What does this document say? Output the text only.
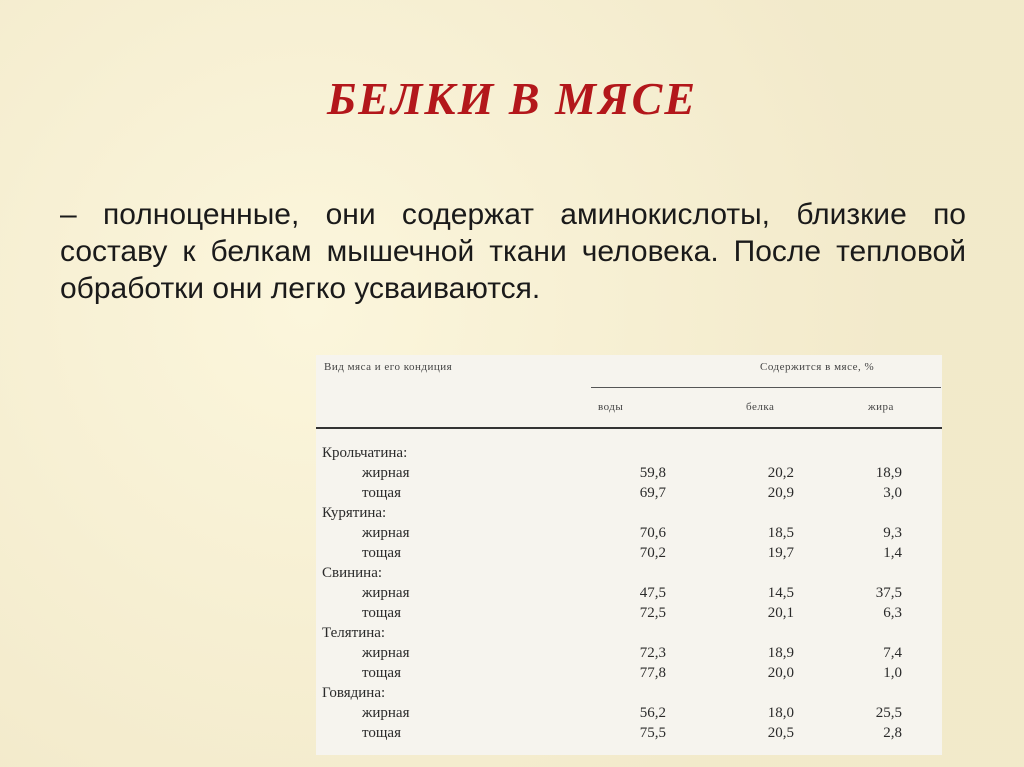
БЕЛКИ В МЯСЕ
– полноценные, они содержат аминокислоты, близкие по составу к белкам мышечной ткани человека. После тепловой обработки они легко усваиваются.
Вид мяса и его кондиция	Содержится в мясе, %
воды	белка	жира
Крольчатина:
жирная	59,8	20,2	18,9
тощая	69,7	20,9	3,0
Курятина:
жирная	70,6	18,5	9,3
тощая	70,2	19,7	1,4
Свинина:
жирная	47,5	14,5	37,5
тощая	72,5	20,1	6,3
Телятина:
жирная	72,3	18,9	7,4
тощая	77,8	20,0	1,0
Говядина:
жирная	56,2	18,0	25,5
тощая	75,5	20,5	2,8
